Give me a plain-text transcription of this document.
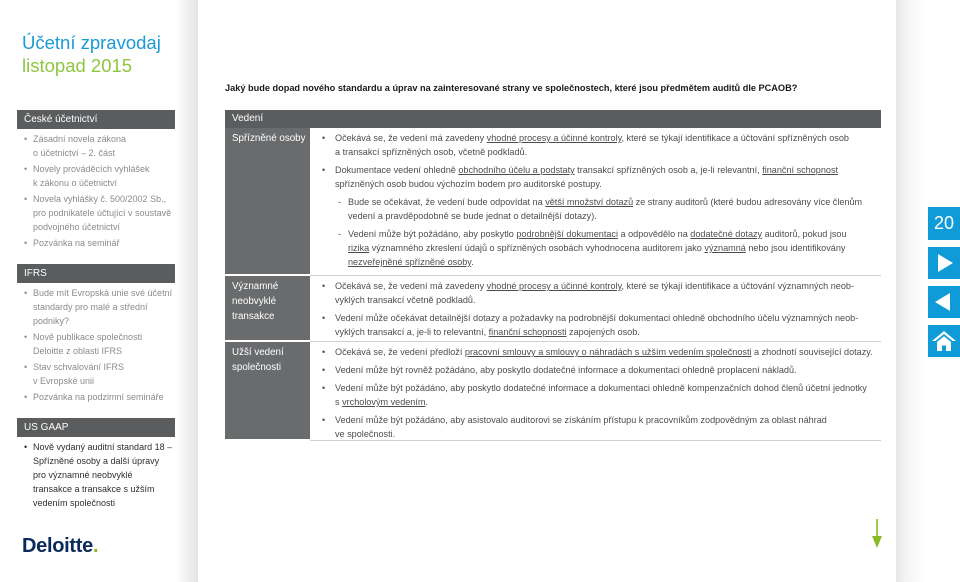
Účetní zpravodaj
listopad 2015
České účetnictví
• Zásadní novela zákona
o účetnictví – 2. část
• Novely prováděcích vyhlášek
k zákonu o účetnictví
• Novela vyhlášky č. 500/2002 Sb.,
pro podnikatele účtující v soustavě
podvojného účetnictví
• Pozvánka na seminář
IFRS
• Bude mít Evropská unie své účetní
standardy pro malé a střední
podniky?
• Nově publikace společnosti
Deloitte z oblasti IFRS
• Stav schvalování IFRS
v Evropské unii
• Pozvánka na podzimní semináře
US GAAP
• Nově vydaný auditní standard 18 –
Spřízněné osoby a další úpravy
pro významné neobvyklé
transakce a transakce s užším
vedením společnosti
Deloitte.
Jaký bude dopad nového standardu a úprav na zainteresované strany ve společnostech, které jsou předmětem auditů dle PCAOB?
Vedení
Spřízněné osoby
•	Očekává se, že vedení má zavedeny vhodné procesy a účinné kontroly, které se týkají identifikace a účtování spřízněných osob
a transakcí spřízněných osob, včetně podkladů.
• Dokumentace vedení ohledně obchodního účelu a podstaty transakcí spřízněných osob a, je-li relevantní, finanční schopnost
spřízněných osob budou výchozím bodem pro auditorské postupy.
- Bude se očekávat, že vedení bude odpovídat na větší množství dotazů ze strany auditorů (které budou adresovány více členům
vedení a pravděpodobně se bude jednat o detailnější dotazy).
- Vedení může být požádáno, aby poskytlo podrobnější dokumentaci a odpovědělo na dodatečné dotazy auditorů, pokud jsou
rizika významného zkreslení údajů o spřízněných osobách vyhodnocena auditorem jako významná nebo jsou identifikovány
nezveřejněné spřízněné osoby.
Významné
neobvyklé
transakce
• Očekává se, že vedení má zavedeny vhodné procesy a účinné kontroly, které se týkají identifikace a účtování významných neob-
vyklých transakcí včetně podkladů.
• Vedení může očekávat detailnější dotazy a požadavky na podrobnější dokumentaci ohledně obchodního účelu významných neob-
vyklých transakcí a, je-li to relevantní, finanční schopnosti zapojených osob.
Užší vedení
společnosti
• Očekává se, že vedení předloží pracovní smlouvy a smlouvy o náhradách s užším vedením společnosti a zhodnotí související dotazy.
• Vedení může být rovněž požádáno, aby poskytlo dodatečné informace a dokumentaci ohledně proplacení nákladů.
• Vedení může být požádáno, aby poskytlo dodatečné informace a dokumentaci ohledně kompenzačních dohod členů účetní jednotky
s vrcholovým vedením.
• Vedení může být požádáno, aby asistovalo auditorovi se získáním přístupu k pracovníkům zodpovědným za oblast náhrad
ve společnosti.
20
